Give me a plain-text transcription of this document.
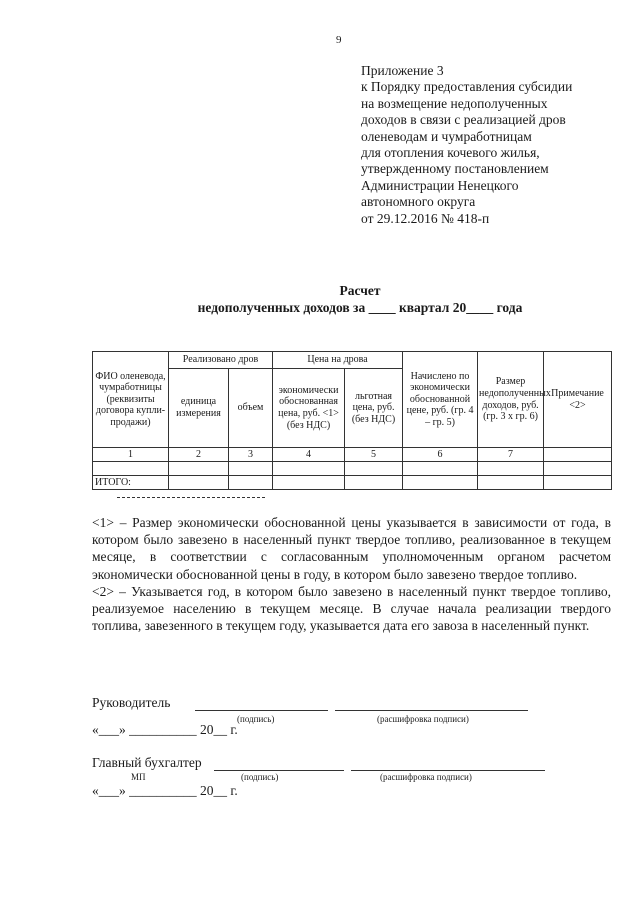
9
Приложение 3
к Порядку предоставления субсидии
на возмещение недополученных
доходов в связи с реализацией дров
оленеводам и чумработницам
для отопления кочевого жилья,
утвержденному постановлением
Администрации Ненецкого
автономного округа
от 29.12.2016 № 418-п
Расчет
недополученных доходов за ____ квартал 20____ года
ФИО оленевода, чумработницы (реквизиты договора купли-продажи)	Реализовано дров		Цена на дрова		Начислено по экономически обоснованной цене, руб. (гр. 4 – гр. 5)	Размер недополученных доходов, руб. (гр. 3 x гр. 6)	Примечание <2>
	единица измерения	объем	экономически обоснованная цена, руб. <1> (без НДС)	льготная цена, руб. (без НДС)			
1	2	3	4	5	6	7	

ИТОГО:							

<1> – Размер экономически обоснованной цены указывается в зависимости от года, в котором было завезено в населенный пункт твердое топливо, реализованное в текущем месяце, в соответствии с согласованным уполномоченным органом расчетом экономически обоснованной цены в году, в котором было завезено твердое топливо.

<2> – Указывается год, в котором было завезено в населенный пункт твердое топливо, реализуемое населению в текущем месяце. В случае начала реализации твердого топлива, завезенного в текущем году, указывается дата его завоза в населенный пункт.

Руководитель
(подпись)	(расшифровка подписи)
«___» __________ 20__ г.
Главный бухгалтер
МП	(подпись)	(расшифровка подписи)
«___» __________ 20__ г.
